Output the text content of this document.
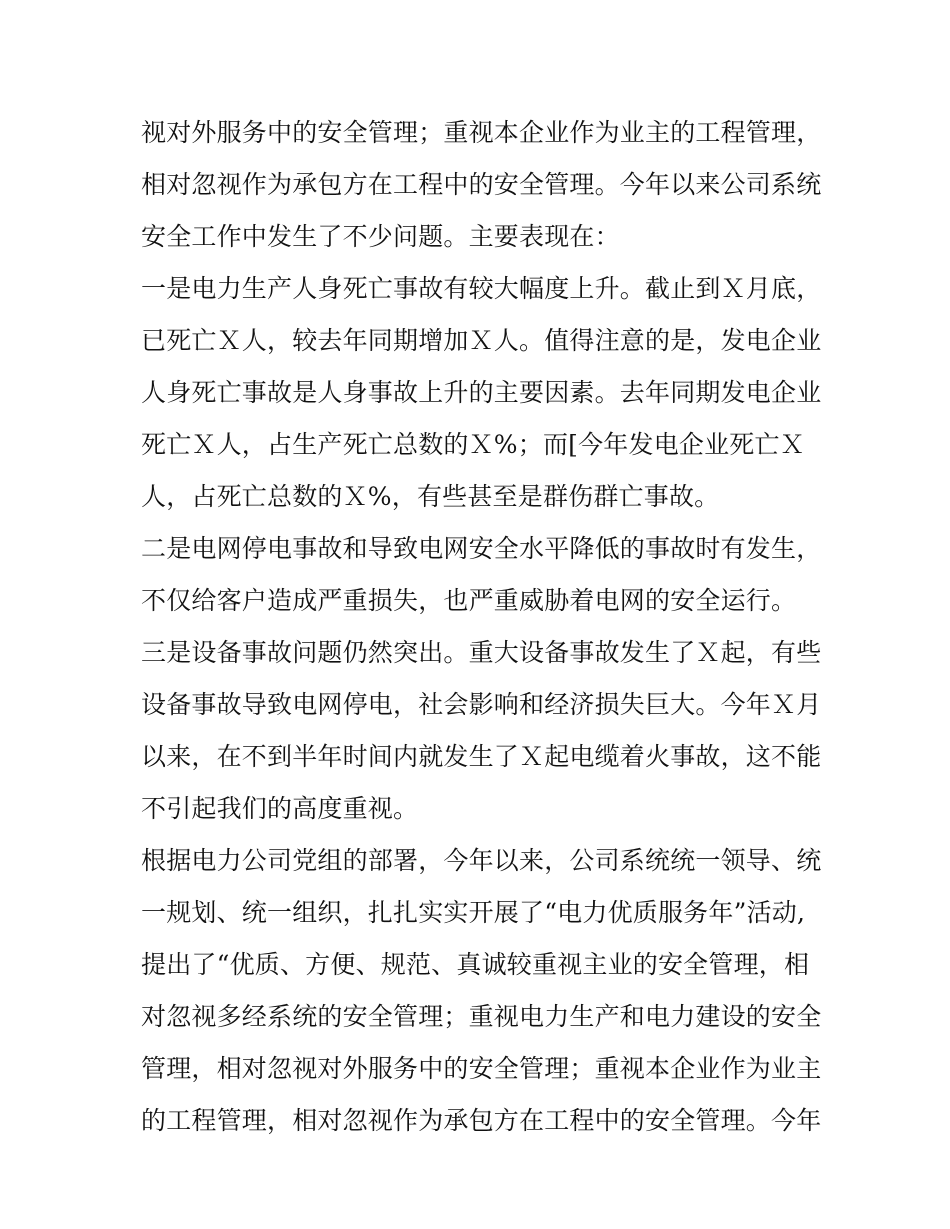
视对外服务中的安全管理；重视本企业作为业主的工程管理，
相对忽视作为承包方在工程中的安全管理。今年以来公司系统
安全工作中发生了不少问题。主要表现在：
一是电力生产人身死亡事故有较大幅度上升。截止到Ｘ月底，
已死亡Ｘ人，较去年同期增加Ｘ人。值得注意的是，发电企业
人身死亡事故是人身事故上升的主要因素。去年同期发电企业
死亡Ｘ人，占生产死亡总数的Ｘ%；而[今年发电企业死亡Ｘ
人，占死亡总数的Ｘ%，有些甚至是群伤群亡事故。
二是电网停电事故和导致电网安全水平降低的事故时有发生，
不仅给客户造成严重损失，也严重威胁着电网的安全运行。
三是设备事故问题仍然突出。重大设备事故发生了Ｘ起，有些
设备事故导致电网停电，社会影响和经济损失巨大。今年Ｘ月
以来，在不到半年时间内就发生了Ｘ起电缆着火事故，这不能
不引起我们的高度重视。
根据电力公司党组的部署，今年以来，公司系统统一领导、统
一规划、统一组织，扎扎实实开展了“电力优质服务年”活动,
提出了“优质、方便、规范、真诚较重视主业的安全管理，相
对忽视多经系统的安全管理；重视电力生产和电力建设的安全
管理，相对忽视对外服务中的安全管理；重视本企业作为业主
的工程管理，相对忽视作为承包方在工程中的安全管理。今年
